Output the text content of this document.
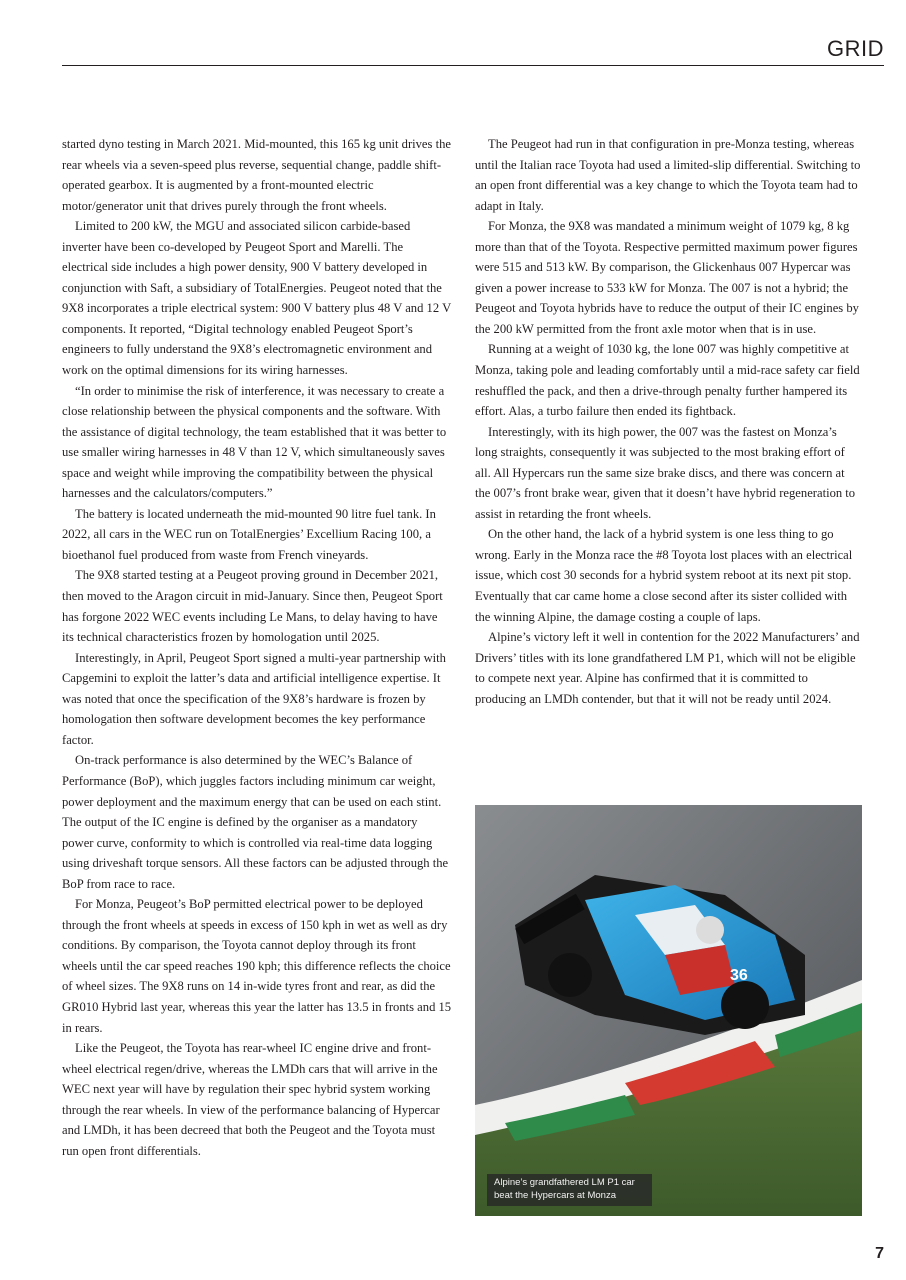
GRID

started dyno testing in March 2021. Mid-mounted, this 165 kg unit drives the rear wheels via a seven-speed plus reverse, sequential change, paddle shift-operated gearbox. It is augmented by a front-mounted electric motor/generator unit that drives purely through the front wheels.

Limited to 200 kW, the MGU and associated silicon carbide-based inverter have been co-developed by Peugeot Sport and Marelli. The electrical side includes a high power density, 900 V battery developed in conjunction with Saft, a subsidiary of TotalEnergies. Peugeot noted that the 9X8 incorporates a triple electrical system: 900 V battery plus 48 V and 12 V components. It reported, “Digital technology enabled Peugeot Sport’s engineers to fully understand the 9X8’s electromagnetic environment and work on the optimal dimensions for its wiring harnesses.

“In order to minimise the risk of interference, it was necessary to create a close relationship between the physical components and the software. With the assistance of digital technology, the team established that it was better to use smaller wiring harnesses in 48 V than 12 V, which simultaneously saves space and weight while improving the compatibility between the physical harnesses and the calculators/computers.”

The battery is located underneath the mid-mounted 90 litre fuel tank. In 2022, all cars in the WEC run on TotalEnergies’ Excellium Racing 100, a bioethanol fuel produced from waste from French vineyards.

The 9X8 started testing at a Peugeot proving ground in December 2021, then moved to the Aragon circuit in mid-January. Since then, Peugeot Sport has forgone 2022 WEC events including Le Mans, to delay having to have its technical characteristics frozen by homologation until 2025.

Interestingly, in April, Peugeot Sport signed a multi-year partnership with Capgemini to exploit the latter’s data and artificial intelligence expertise. It was noted that once the specification of the 9X8’s hardware is frozen by homologation then software development becomes the key performance factor.

On-track performance is also determined by the WEC’s Balance of Performance (BoP), which juggles factors including minimum car weight, power deployment and the maximum energy that can be used on each stint. The output of the IC engine is defined by the organiser as a mandatory power curve, conformity to which is controlled via real-time data logging using driveshaft torque sensors. All these factors can be adjusted through the BoP from race to race.

For Monza, Peugeot’s BoP permitted electrical power to be deployed through the front wheels at speeds in excess of 150 kph in wet as well as dry conditions. By comparison, the Toyota cannot deploy through its front wheels until the car speed reaches 190 kph; this difference reflects the choice of wheel sizes. The 9X8 runs on 14 in-wide tyres front and rear, as did the GR010 Hybrid last year, whereas this year the latter has 13.5 in fronts and 15 in rears.

Like the Peugeot, the Toyota has rear-wheel IC engine drive and front-wheel electrical regen/drive, whereas the LMDh cars that will arrive in the WEC next year will have by regulation their spec hybrid system working through the rear wheels. In view of the performance balancing of Hypercar and LMDh, it has been decreed that both the Peugeot and the Toyota must run open front differentials.

The Peugeot had run in that configuration in pre-Monza testing, whereas until the Italian race Toyota had used a limited-slip differential. Switching to an open front differential was a key change to which the Toyota team had to adapt in Italy.

For Monza, the 9X8 was mandated a minimum weight of 1079 kg, 8 kg more than that of the Toyota. Respective permitted maximum power figures were 515 and 513 kW. By comparison, the Glickenhaus 007 Hypercar was given a power increase to 533 kW for Monza. The 007 is not a hybrid; the Peugeot and Toyota hybrids have to reduce the output of their IC engines by the 200 kW permitted from the front axle motor when that is in use.

Running at a weight of 1030 kg, the lone 007 was highly competitive at Monza, taking pole and leading comfortably until a mid-race safety car field reshuffled the pack, and then a drive-through penalty further hampered its effort. Alas, a turbo failure then ended its fightback.

Interestingly, with its high power, the 007 was the fastest on Monza’s long straights, consequently it was subjected to the most braking effort of all. All Hypercars run the same size brake discs, and there was concern at the 007’s front brake wear, given that it doesn’t have hybrid regeneration to assist in retarding the front wheels.

On the other hand, the lack of a hybrid system is one less thing to go wrong. Early in the Monza race the #8 Toyota lost places with an electrical issue, which cost 30 seconds for a hybrid system reboot at its next pit stop. Eventually that car came home a close second after its sister collided with the winning Alpine, the damage costing a couple of laps.

Alpine’s victory left it well in contention for the 2022 Manufacturers’ and Drivers’ titles with its lone grandfathered LM P1, which will not be eligible to compete next year. Alpine has confirmed that it is committed to producing an LMDh contender, but that it will not be ready until 2024.

36
Alpine’s grandfathered LM P1 car beat the Hypercars at Monza
7
